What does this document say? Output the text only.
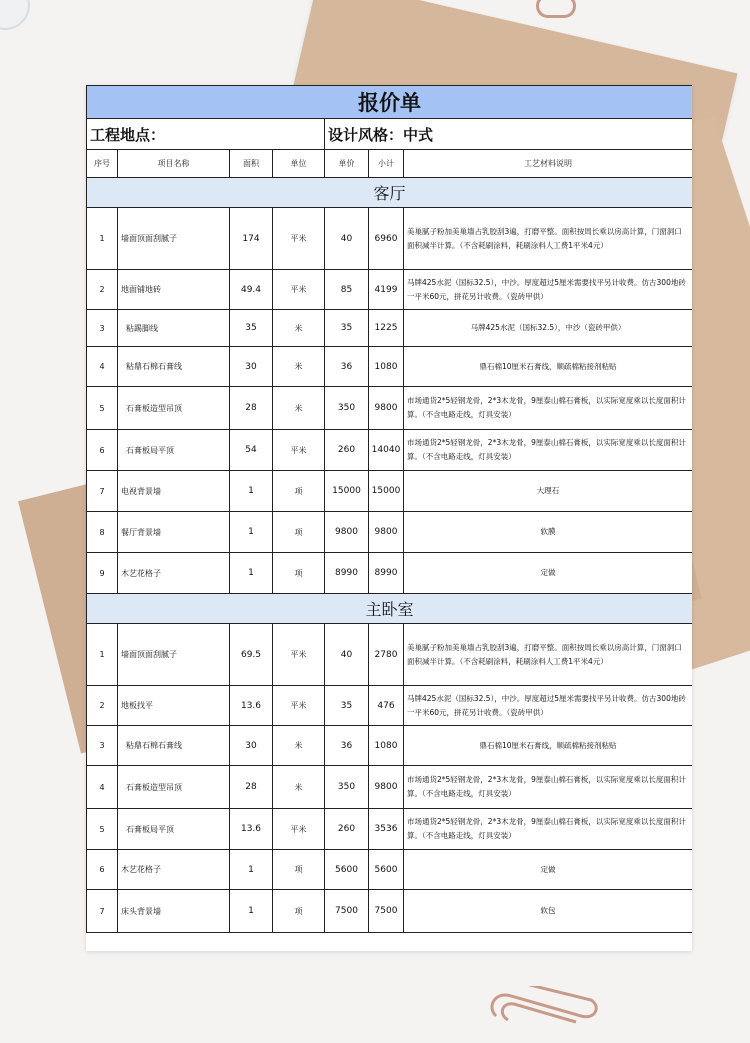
报价单						
工程地点：				设计风格：中式		
序号	项目名称	面积	单位	单价	小计	工艺材料说明
客厅						
1	墙面顶面刮腻子	174	平米	40	6960	美巢腻子粉加美巢墙占乳胶刮3遍，打磨平整。面积按周长乘以房高计算，门窗洞口面积减半计算。（不含耗刷涂料，耗刷涂料人工费1平米4元）
2	地面铺地砖	49.4	平米	85	4199	马牌425水泥（国标32.5），中沙。厚度超过5厘米需要找平另计收费。仿古300地砖一平米60元，拼花另计收费。（瓷砖甲供）
3	粘踢脚线	35	米	35	1225	马牌425水泥（国标32.5），中沙（瓷砖甲供）
4	粘鼎石棉石膏线	30	米	36	1080	鼎石棉10厘米石膏线，顺疏棉粘接剂粘贴
5	石膏板造型吊顶	28	米	350	9800	市场通货2*5轻钢龙骨，2*3木龙骨，9厘泰山棉石膏板，以实际宽度乘以长度面积计算。（不含电路走线，灯具安装）
6	石膏板局平顶	54	平米	260	14040	市场通货2*5轻钢龙骨，2*3木龙骨，9厘泰山棉石膏板，以实际宽度乘以长度面积计算。（不含电路走线，灯具安装）
7	电视背景墙	1	项	15000	15000	大理石
8	餐厅背景墙	1	项	9800	9800	软膜
9	木艺花格子	1	项	8990	8990	定做
主卧室						
1	墙面顶面刮腻子	69.5	平米	40	2780	美巢腻子粉加美巢墙占乳胶刮3遍，打磨平整。面积按周长乘以房高计算，门窗洞口面积减半计算。（不含耗刷涂料，耗刷涂料人工费1平米4元）
2	地板找平	13.6	平米	35	476	马牌425水泥（国标32.5），中沙。厚度超过5厘米需要找平另计收费。仿古300地砖一平米60元，拼花另计收费。（瓷砖甲供）
3	粘鼎石棉石膏线	30	米	36	1080	鼎石棉10厘米石膏线，顺疏棉粘接剂粘贴
4	石膏板造型吊顶	28	米	350	9800	市场通货2*5轻钢龙骨，2*3木龙骨，9厘泰山棉石膏板，以实际宽度乘以长度面积计算。（不含电路走线，灯具安装）
5	石膏板局平顶	13.6	平米	260	3536	市场通货2*5轻钢龙骨，2*3木龙骨，9厘泰山棉石膏板，以实际宽度乘以长度面积计算。（不含电路走线，灯具安装）
6	木艺花格子	1	项	5600	5600	定做
7	床头背景墙	1	项	7500	7500	软包
